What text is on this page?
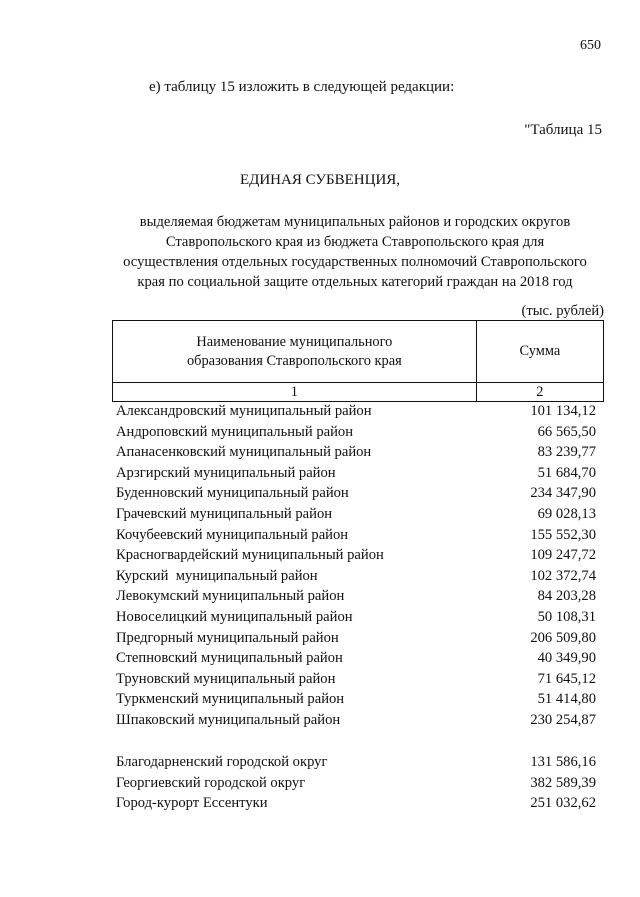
650
е) таблицу 15 изложить в следующей редакции:
"Таблица 15
ЕДИНАЯ СУБВЕНЦИЯ,
выделяемая бюджетам муниципальных районов и городских округов
Ставропольского края из бюджета Ставропольского края для
осуществления отдельных государственных полномочий Ставропольского
края по социальной защите отдельных категорий граждан на 2018 год
(тыс. рублей)
Наименование муниципального
образования Ставропольского края	Сумма
1	2
Александровский муниципальный район	101 134,12
Андроповский муниципальный район	66 565,50
Апанасенковский муниципальный район	83 239,77
Арзгирский муниципальный район	51 684,70
Буденновский муниципальный район	234 347,90
Грачевский муниципальный район	69 028,13
Кочубеевский муниципальный район	155 552,30
Красногвардейский муниципальный район	109 247,72
Курский  муниципальный район	102 372,74
Левокумский муниципальный район	84 203,28
Новоселицкий муниципальный район	50 108,31
Предгорный муниципальный район	206 509,80
Степновский муниципальный район	40 349,90
Труновский муниципальный район	71 645,12
Туркменский муниципальный район	51 414,80
Шпаковский муниципальный район	230 254,87
Благодарненский городской округ	131 586,16
Георгиевский городской округ	382 589,39
Город-курорт Ессентуки	251 032,62
